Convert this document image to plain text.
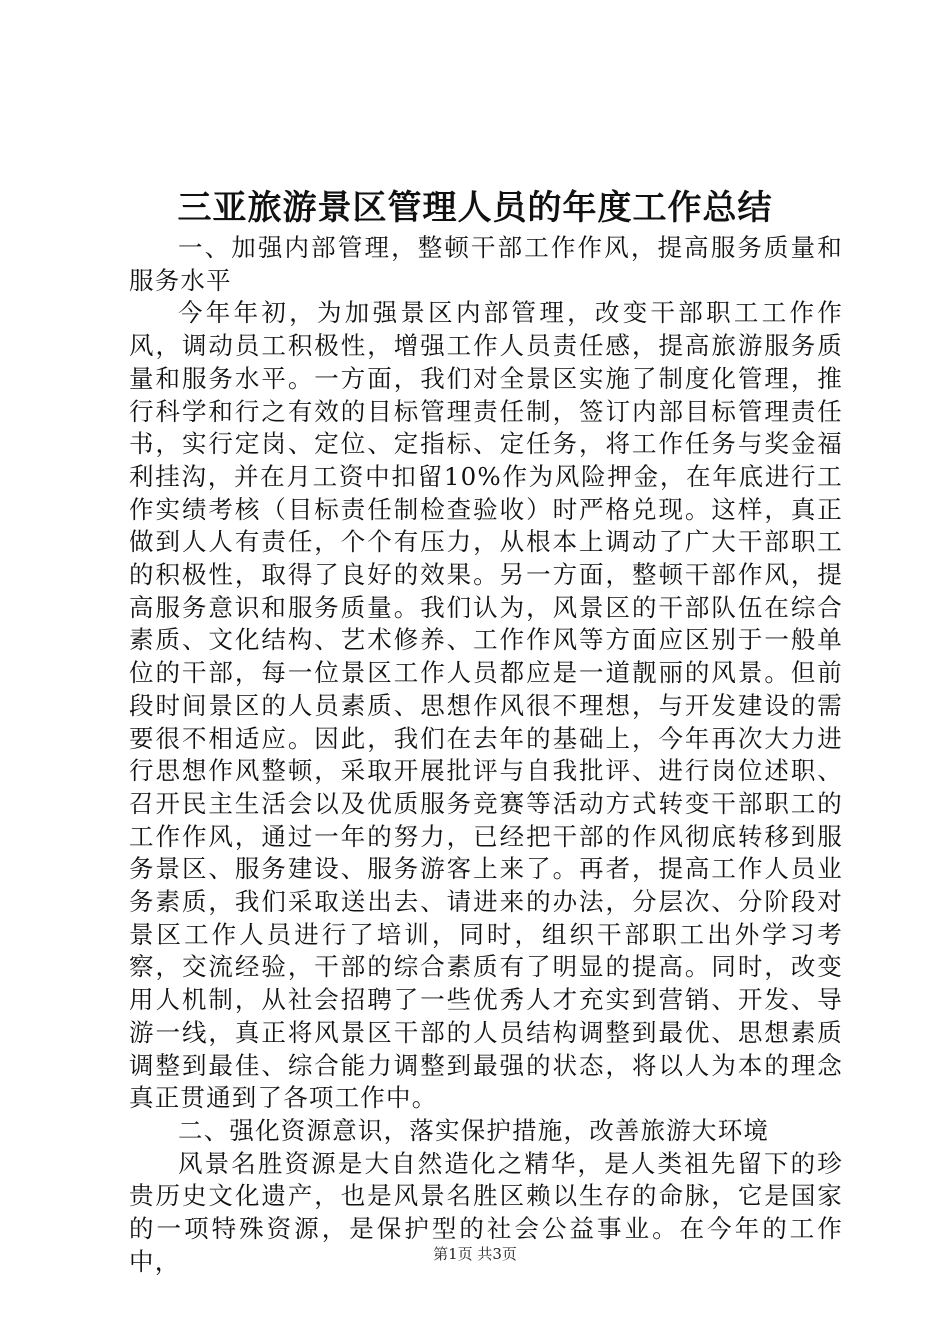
三亚旅游景区管理人员的年度工作总结

一、加强内部管理，整顿干部工作作风，提高服务质量和服务水平

今年年初，为加强景区内部管理，改变干部职工工作作风，调动员工积极性，增强工作人员责任感，提高旅游服务质量和服务水平。一方面，我们对全景区实施了制度化管理，推行科学和行之有效的目标管理责任制，签订内部目标管理责任书，实行定岗、定位、定指标、定任务，将工作任务与奖金福利挂沟，并在月工资中扣留10%作为风险押金，在年底进行工作实绩考核（目标责任制检查验收）时严格兑现。这样，真正做到人人有责任，个个有压力，从根本上调动了广大干部职工的积极性，取得了良好的效果。另一方面，整顿干部作风，提高服务意识和服务质量。我们认为，风景区的干部队伍在综合素质、文化结构、艺术修养、工作作风等方面应区别于一般单位的干部，每一位景区工作人员都应是一道靓丽的风景。但前段时间景区的人员素质、思想作风很不理想，与开发建设的需要很不相适应。因此，我们在去年的基础上，今年再次大力进行思想作风整顿，采取开展批评与自我批评、进行岗位述职、召开民主生活会以及优质服务竞赛等活动方式转变干部职工的工作作风，通过一年的努力，已经把干部的作风彻底转移到服务景区、服务建设、服务游客上来了。再者，提高工作人员业务素质，我们采取送出去、请进来的办法，分层次、分阶段对景区工作人员进行了培训，同时，组织干部职工出外学习考察，交流经验，干部的综合素质有了明显的提高。同时，改变用人机制，从社会招聘了一些优秀人才充实到营销、开发、导游一线，真正将风景区干部的人员结构调整到最优、思想素质调整到最佳、综合能力调整到最强的状态，将以人为本的理念真正贯通到了各项工作中。

二、强化资源意识，落实保护措施，改善旅游大环境

风景名胜资源是大自然造化之精华，是人类祖先留下的珍贵历史文化遗产，也是风景名胜区赖以生存的命脉，它是国家的一项特殊资源，是保护型的社会公益事业。在今年的工作中，	第1页 共3页
